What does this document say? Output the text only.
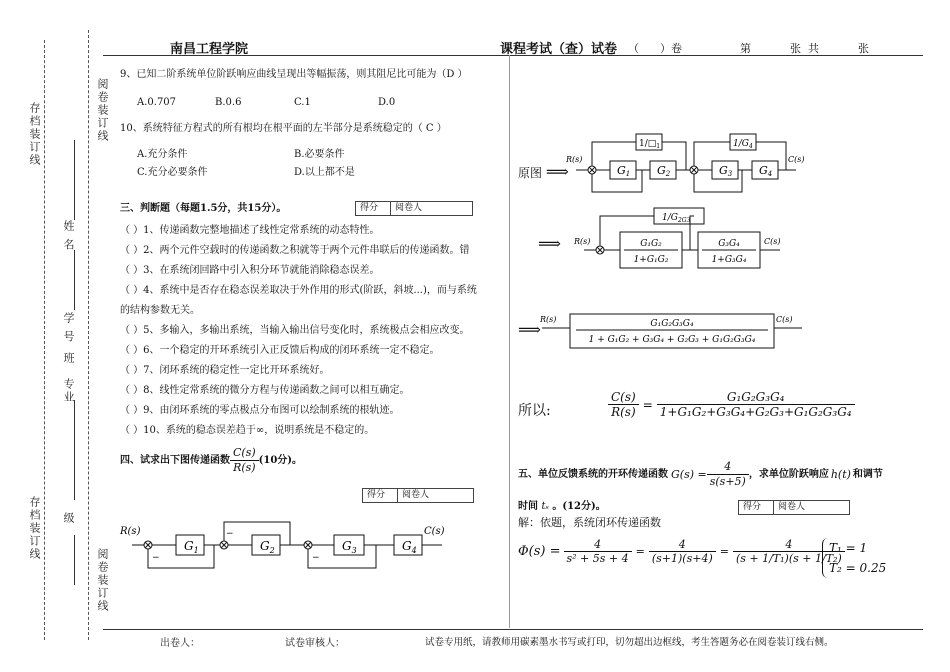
存档装订线
存档装订线
阅卷装订线
阅卷装订线
姓 名
学 号
班
专业
级
南昌工程学院	课程考试（查）试卷 （      ）卷	第	张  共	张
9、已知二阶系统单位阶跃响应曲线呈现出等幅振荡，则其阻尼比可能为（D ）
A.0.707	B.0.6	C.1	D.0
10、系统特征方程式的所有根均在根平面的左半部分是系统稳定的（ C ）
A.充分条件	B.必要条件
C.充分必要条件	D.以上都不是
三、判断题（每题1.5分，共15分）。	得分	阅卷人
（ ）1、传递函数完整地描述了线性定常系统的动态特性。
（ ）2、两个元件空载时的传递函数之积就等于两个元件串联后的传递函数。错
（ ）3、在系统闭回路中引入积分环节就能消除稳态误差。
（ ）4、系统中是否存在稳态误差取决于外作用的形式(阶跃，斜坡...)，而与系统
的结构参数无关。
（ ）5、多输入，多输出系统，当输入输出信号变化时，系统极点会相应改变。
（ ）6、一个稳定的开环系统引入正反馈后构成的闭环系统一定不稳定。
（ ）7、闭环系统的稳定性一定比开环系统好。
（ ）8、线性定常系统的微分方程与传递函数之间可以相互确定。
（ ）9、由闭环系统的零点极点分布图可以绘制系统的根轨迹。
（ ）10、系统的稳态误差趋于∞，说明系统是不稳定的。
四、试求出下图传递函数 $\frac{C(s)}{R(s)} (10$分)。
得分	阅卷人
R(s)	C(s)
$G_1$	$G_2$	$G_3$	$G_4$
−
−
−
原图 ⟹
R(s)	C(s)
$1/□_1$	$1/G_4$
G1 G2	G3 G4
⟹ R(s)	C(s)
$1/G_{2G}3$
G₁G₂
1+G₁G₂
G₃G₄
1+G₃G₄
⟹
R(s)	C(s)
G₁G₂G₃G₄
1 + G₁G₂ + G₃G₄ + G₂G₃ + G₁G₂G₃G₄
所以:	$\frac{C(s)}{R(s)} = \frac{\text{G₁G₂G₃G₄}}{\text{1+G₁G₂+G₃G₄+G₂G₃+G₁G₂G₃G₄}}$
五、单位反馈系统的开环传递函数 $G(s) = \frac{4}{s(s+5)}$ ，求单位阶跃响应 h(t) 和调节
时间 tₛ 。(12分)。	得分	阅卷人
解：依题，系统闭环传递函数
$\Phi(s) = \frac{4}{\text{s² + 5s + 4}} = \frac{4}{(s+1)(s+4)} = \frac{4}{\text{(s + 1/T₁)(s + 1/T₂)}}$
T₁ = 1
T₂ = 0.25
出卷人：	试卷审核人：	试卷专用纸，请教师用碳素墨水书写或打印，切勿超出边框线，考生答题务必在阅卷装订线右侧。
